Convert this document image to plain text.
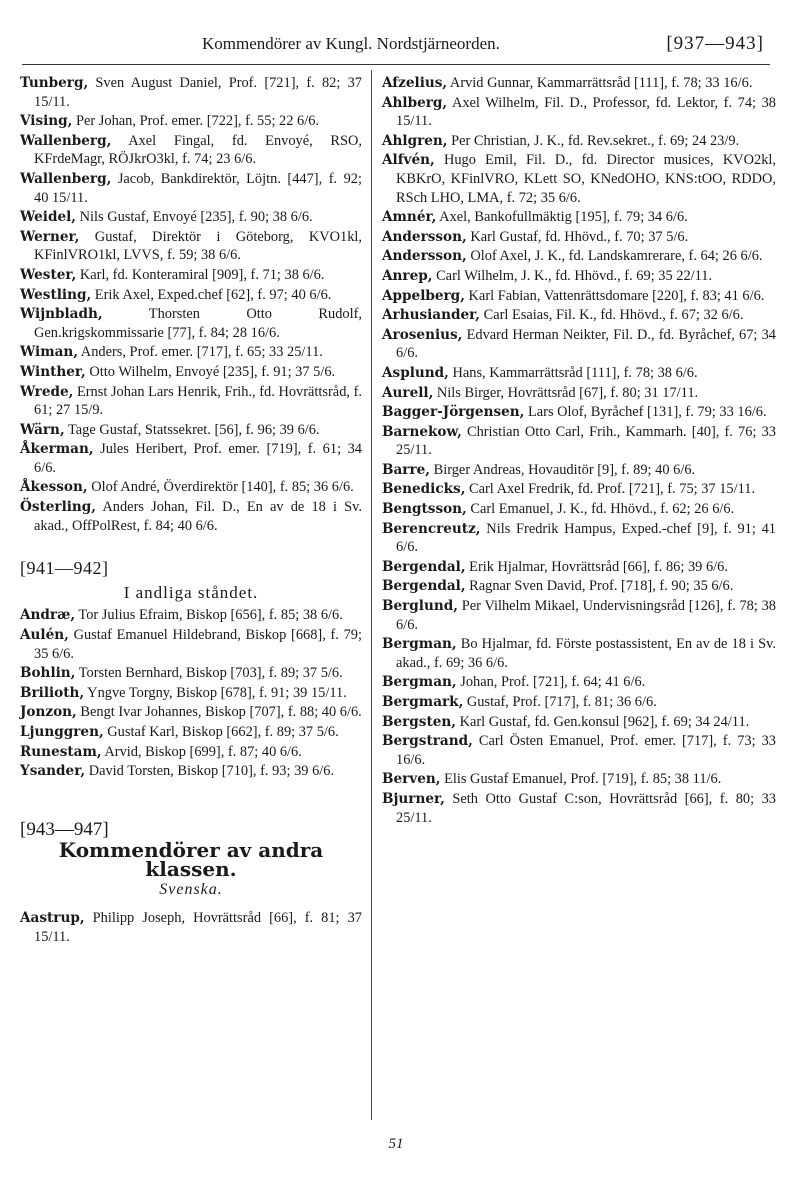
Kommendörer av Kungl. Nordstjärneorden.	[937—943]
Tunberg, Sven August Daniel, Prof. [721], f. 82; 37 15/11.
Vising, Per Johan, Prof. emer. [722], f. 55; 22 6/6.
Wallenberg, Axel Fingal, fd. Envoyé, RSO, KFrdeMagr, RÖJkrO3kl, f. 74; 23 6/6.
Wallenberg, Jacob, Bankdirektör, Löjtn. [447], f. 92; 40 15/11.
Weidel, Nils Gustaf, Envoyé [235], f. 90; 38 6/6.
Werner, Gustaf, Direktör i Göteborg, KVO1kl, KFinlVRO1kl, LVVS, f. 59; 38 6/6.
Wester, Karl, fd. Konteramiral [909], f. 71; 38 6/6.
Westling, Erik Axel, Exped.chef [62], f. 97; 40 6/6.
Wijnbladh, Thorsten Otto Rudolf, Gen.krigskommissarie [77], f. 84; 28 16/6.
Wiman, Anders, Prof. emer. [717], f. 65; 33 25/11.
Winther, Otto Wilhelm, Envoyé [235], f. 91; 37 5/6.
Wrede, Ernst Johan Lars Henrik, Frih., fd. Hovrättsråd, f. 61; 27 15/9.
Wärn, Tage Gustaf, Statssekret. [56], f. 96; 39 6/6.
Åkerman, Jules Heribert, Prof. emer. [719], f. 61; 34 6/6.
Åkesson, Olof André, Överdirektör [140], f. 85; 36 6/6.
Österling, Anders Johan, Fil. D., En av de 18 i Sv. akad., OffPolRest, f. 84; 40 6/6.
[941—942]
I andliga ståndet.
Andræ, Tor Julius Efraim, Biskop [656], f. 85; 38 6/6.
Aulén, Gustaf Emanuel Hildebrand, Biskop [668], f. 79; 35 6/6.
Bohlin, Torsten Bernhard, Biskop [703], f. 89; 37 5/6.
Brilioth, Yngve Torgny, Biskop [678], f. 91; 39 15/11.
Jonzon, Bengt Ivar Johannes, Biskop [707], f. 88; 40 6/6.
Ljunggren, Gustaf Karl, Biskop [662], f. 89; 37 5/6.
Runestam, Arvid, Biskop [699], f. 87; 40 6/6.
Ysander, David Torsten, Biskop [710], f. 93; 39 6/6.
[943—947]
Kommendörer av andra klassen.
Svenska.
Aastrup, Philipp Joseph, Hovrättsråd [66], f. 81; 37 15/11.
Afzelius, Arvid Gunnar, Kammarrättsråd [111], f. 78; 33 16/6.
Ahlberg, Axel Wilhelm, Fil. D., Professor, fd. Lektor, f. 74; 38 15/11.
Ahlgren, Per Christian, J. K., fd. Rev.sekret., f. 69; 24 23/9.
Alfvén, Hugo Emil, Fil. D., fd. Director musices, KVO2kl, KBKrO, KFinlVRO, KLett SO, KNedOHO, KNS:tOO, RDDO, RSch LHO, LMA, f. 72; 35 6/6.
Amnér, Axel, Bankofullmäktig [195], f. 79; 34 6/6.
Andersson, Karl Gustaf, fd. Hhövd., f. 70; 37 5/6.
Andersson, Olof Axel, J. K., fd. Landskamrerare, f. 64; 26 6/6.
Anrep, Carl Wilhelm, J. K., fd. Hhövd., f. 69; 35 22/11.
Appelberg, Karl Fabian, Vattenrättsdomare [220], f. 83; 41 6/6.
Arhusiander, Carl Esaias, Fil. K., fd. Hhövd., f. 67; 32 6/6.
Arosenius, Edvard Herman Neikter, Fil. D., fd. Byråchef, 67; 34 6/6.
Asplund, Hans, Kammarrättsråd [111], f. 78; 38 6/6.
Aurell, Nils Birger, Hovrättsråd [67], f. 80; 31 17/11.
Bagger-Jörgensen, Lars Olof, Byråchef [131], f. 79; 33 16/6.
Barnekow, Christian Otto Carl, Frih., Kammarh. [40], f. 76; 33 25/11.
Barre, Birger Andreas, Hovauditör [9], f. 89; 40 6/6.
Benedicks, Carl Axel Fredrik, fd. Prof. [721], f. 75; 37 15/11.
Bengtsson, Carl Emanuel, J. K., fd. Hhövd., f. 62; 26 6/6.
Berencreutz, Nils Fredrik Hampus, Exped.-chef [9], f. 91; 41 6/6.
Bergendal, Erik Hjalmar, Hovrättsråd [66], f. 86; 39 6/6.
Bergendal, Ragnar Sven David, Prof. [718], f. 90; 35 6/6.
Berglund, Per Vilhelm Mikael, Undervisningsråd [126], f. 78; 38 6/6.
Bergman, Bo Hjalmar, fd. Förste postassistent, En av de 18 i Sv. akad., f. 69; 36 6/6.
Bergman, Johan, Prof. [721], f. 64; 41 6/6.
Bergmark, Gustaf, Prof. [717], f. 81; 36 6/6.
Bergsten, Karl Gustaf, fd. Gen.konsul [962], f. 69; 34 24/11.
Bergstrand, Carl Östen Emanuel, Prof. emer. [717], f. 73; 33 16/6.
Berven, Elis Gustaf Emanuel, Prof. [719], f. 85; 38 11/6.
Bjurner, Seth Otto Gustaf C:son, Hovrättsråd [66], f. 80; 33 25/11.
51
